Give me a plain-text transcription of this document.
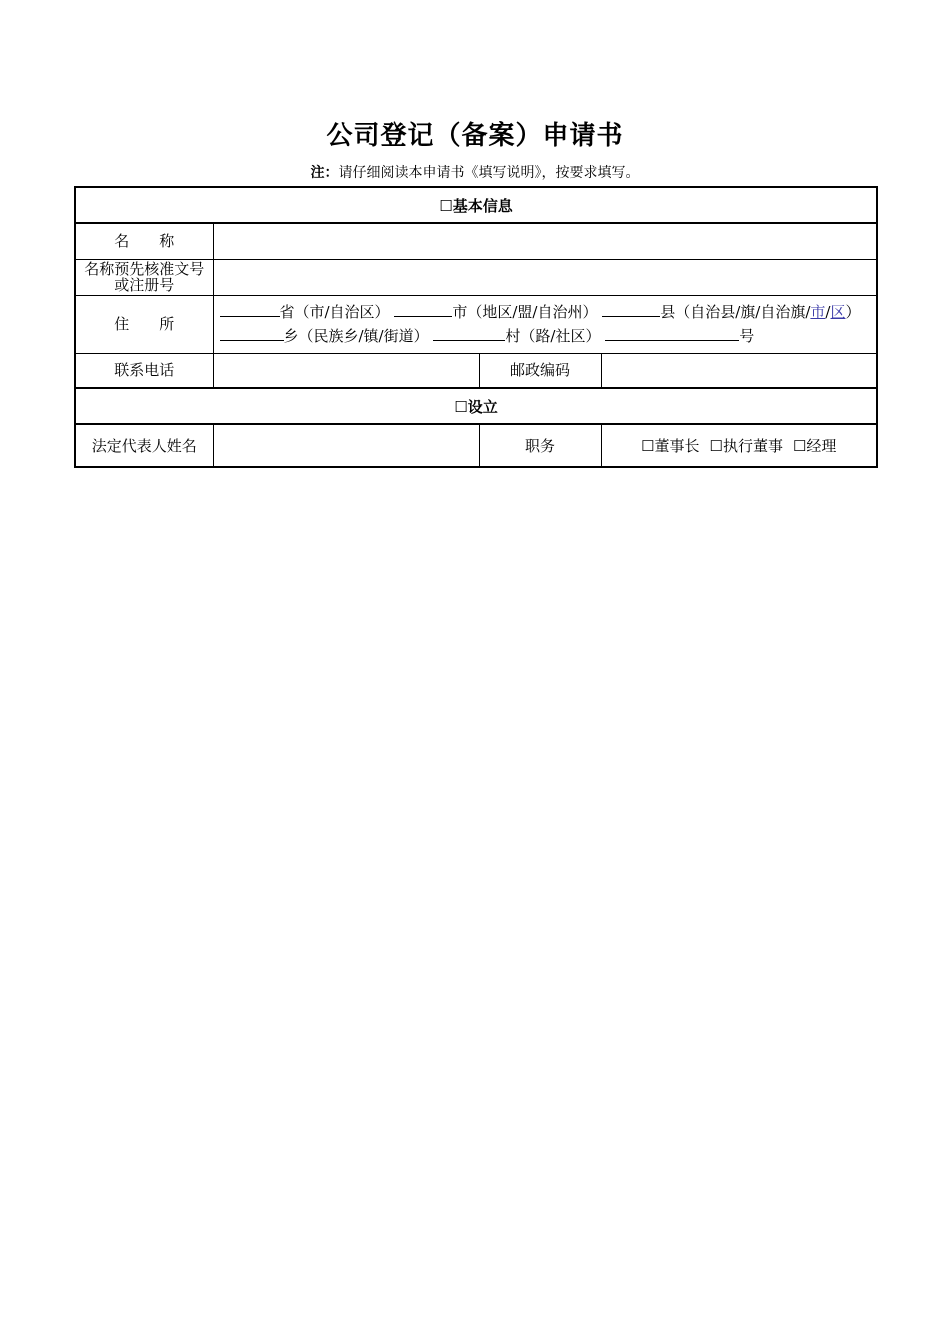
公司登记（备案）申请书
注：请仔细阅读本申请书《填写说明》，按要求填写。
☐基本信息			
名称			
名称预先核准文号或注册号			
住所	省（市/自治区） 市（地区/盟/自治州） 县（自治县/旗/自治旗/市/区） 乡（民族乡/镇/街道） 村（路/社区） 号		

联系电话		邮政编码	
☐设立			
法定代表人姓名		职务	☐董事长 ☐执行董事 ☐经理
